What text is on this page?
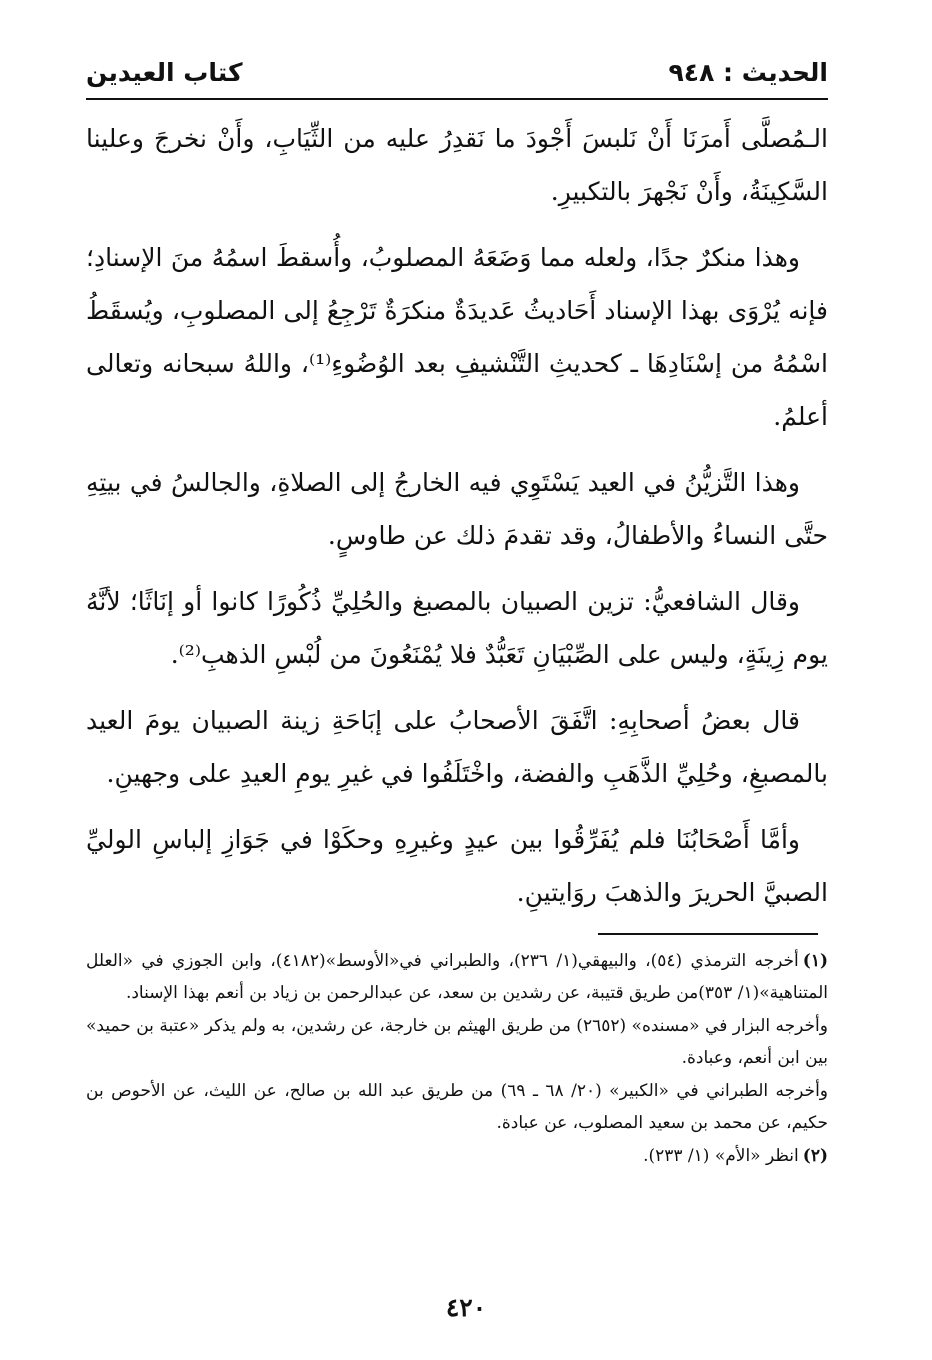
الحديث : ٩٤٨
كتاب العيدين

الـمُصلَّى أَمرَنَا أَنْ نَلبسَ أَجْودَ ما نَقدِرُ عليه من الثِّيَابِ، وأَنْ نخرجَ وعلينا السَّكِينَةُ، وأَنْ نَجْهرَ بالتكبيرِ.

وهذا منكرٌ جدًا، ولعله مما وَضَعَهُ المصلوبُ، وأُسقطَ اسمُهُ منَ الإسنادِ؛ فإنه يُرْوَى بهذا الإسناد أَحَاديثُ عَديدَةٌ منكرَةٌ تَرْجِعُ إلى المصلوبِ، ويُسقَطُ اسْمُهُ من إسْنَادِهَا ـ كحديثِ التَّنْشيفِ بعد الوُضُوءِ⁽¹⁾، واللهُ سبحانه وتعالى أعلمُ.

وهذا التَّزيُّنُ في العيد يَسْتَوِي فيه الخارجُ إلى الصلاةِ، والجالسُ في بيتِهِ حتَّى النساءُ والأطفالُ، وقد تقدمَ ذلك عن طاوسٍ.

وقال الشافعيُّ: تزين الصبيان بالمصبغ والحُلِيِّ ذُكُورًا كانوا أو إنَاثًا؛ لأنَّهُ يوم زِينَةٍ، وليس على الصِّبْيَانِ تَعَبُّدٌ فلا يُمْنَعُونَ من لُبْسِ الذهبِ⁽²⁾.

قال بعضُ أصحابِهِ: اتَّفَقَ الأصحابُ على إبَاحَةِ زينة الصبيان يومَ العيد بالمصبغِ، وحُلِيِّ الذَّهَبِ والفضة، واخْتَلَفُوا في غيرِ يومِ العيدِ على وجهينِ.

وأمَّا أَصْحَابُنَا فلم يُفَرِّقُوا بين عيدٍ وغيرِهِ وحكَوْا في جَوَازِ إلباسِ الوليِّ الصبيَّ الحريرَ والذهبَ روَايتينِ.

(١)أخرجه الترمذي (٥٤)، والبيهقي(١/ ٢٣٦)، والطبراني في«الأوسط»(٤١٨٢)، وابن الجوزي في «العلل المتناهية»(١/ ٣٥٣)من طريق قتيبة، عن رشدين بن سعد، عن عبدالرحمن بن زياد بن أنعم بهذا الإسناد.

وأخرجه البزار في «مسنده» (٢٦٥٢) من طريق الهيثم بن خارجة، عن رشدين، به ولم يذكر «عتبة بن حميد» بين ابن أنعم، وعبادة.

وأخرجه الطبراني في «الكبير» (٢٠/ ٦٨ ـ ٦٩) من طريق عبد الله بن صالح، عن الليث، عن الأحوص بن حكيم، عن محمد بن سعيد المصلوب، عن عبادة.

(٢)انظر «الأم» (١/ ٢٣٣).

٤٢٠
